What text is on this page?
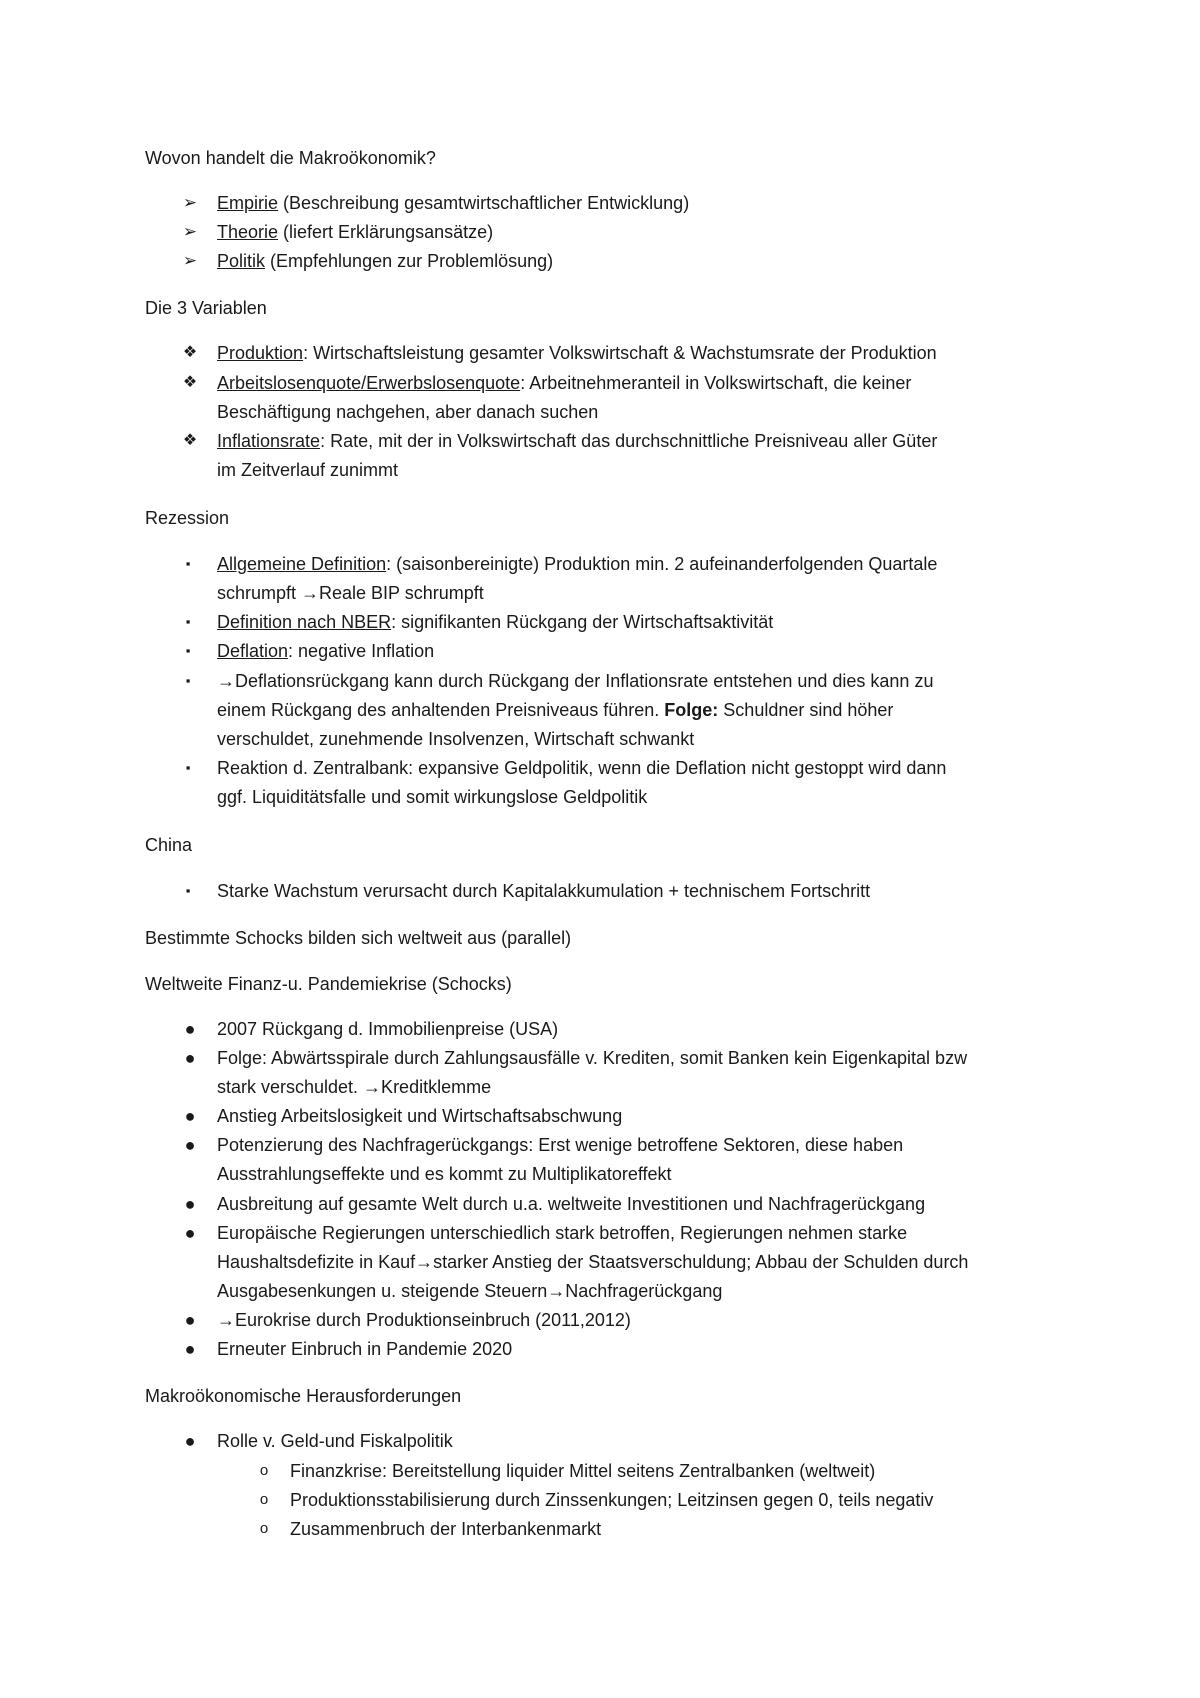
Wovon handelt die Makroökonomik?
➢ Empirie (Beschreibung gesamtwirtschaftlicher Entwicklung)
➢ Theorie (liefert Erklärungsansätze)
➢ Politik (Empfehlungen zur Problemlösung)
Die 3 Variablen
❖ Produktion: Wirtschaftsleistung gesamter Volkswirtschaft & Wachstumsrate der Produktion
❖ Arbeitslosenquote/Erwerbslosenquote: Arbeitnehmeranteil in Volkswirtschaft, die keiner
Beschäftigung nachgehen, aber danach suchen
❖ Inflationsrate: Rate, mit der in Volkswirtschaft das durchschnittliche Preisniveau aller Güter
im Zeitverlauf zunimmt
Rezession
▪	Allgemeine Definition: (saisonbereinigte) Produktion min. 2 aufeinanderfolgenden Quartale
schrumpft →Reale BIP schrumpft
▪	Definition nach NBER: signifikanten Rückgang der Wirtschaftsaktivität
▪	Deflation: negative Inflation
▪	→Deflationsrückgang kann durch Rückgang der Inflationsrate entstehen und dies kann zu
einem Rückgang des anhaltenden Preisniveaus führen. Folge: Schuldner sind höher
verschuldet, zunehmende Insolvenzen, Wirtschaft schwankt
▪	Reaktion d. Zentralbank: expansive Geldpolitik, wenn die Deflation nicht gestoppt wird dann
ggf. Liquiditätsfalle und somit wirkungslose Geldpolitik
China
▪	Starke Wachstum verursacht durch Kapitalakkumulation + technischem Fortschritt
Bestimmte Schocks bilden sich weltweit aus (parallel)
Weltweite Finanz-u. Pandemiekrise (Schocks)
● 2007 Rückgang d. Immobilienpreise (USA)
● Folge: Abwärtsspirale durch Zahlungsausfälle v. Krediten, somit Banken kein Eigenkapital bzw
stark verschuldet. →Kreditklemme
● Anstieg Arbeitslosigkeit und Wirtschaftsabschwung
● Potenzierung des Nachfragerückgangs: Erst wenige betroffene Sektoren, diese haben
Ausstrahlungseffekte und es kommt zu Multiplikatoreffekt
● Ausbreitung auf gesamte Welt durch u.a. weltweite Investitionen und Nachfragerückgang
● Europäische Regierungen unterschiedlich stark betroffen, Regierungen nehmen starke
Haushaltsdefizite in Kauf→starker Anstieg der Staatsverschuldung; Abbau der Schulden durch
Ausgabesenkungen u. steigende Steuern→Nachfragerückgang
● →Eurokrise durch Produktionseinbruch (2011,2012)
● Erneuter Einbruch in Pandemie 2020
Makroökonomische Herausforderungen
● Rolle v. Geld-und Fiskalpolitik
o	Finanzkrise: Bereitstellung liquider Mittel seitens Zentralbanken (weltweit)
o	Produktionsstabilisierung durch Zinssenkungen; Leitzinsen gegen 0, teils negativ
o	Zusammenbruch der Interbankenmarkt
